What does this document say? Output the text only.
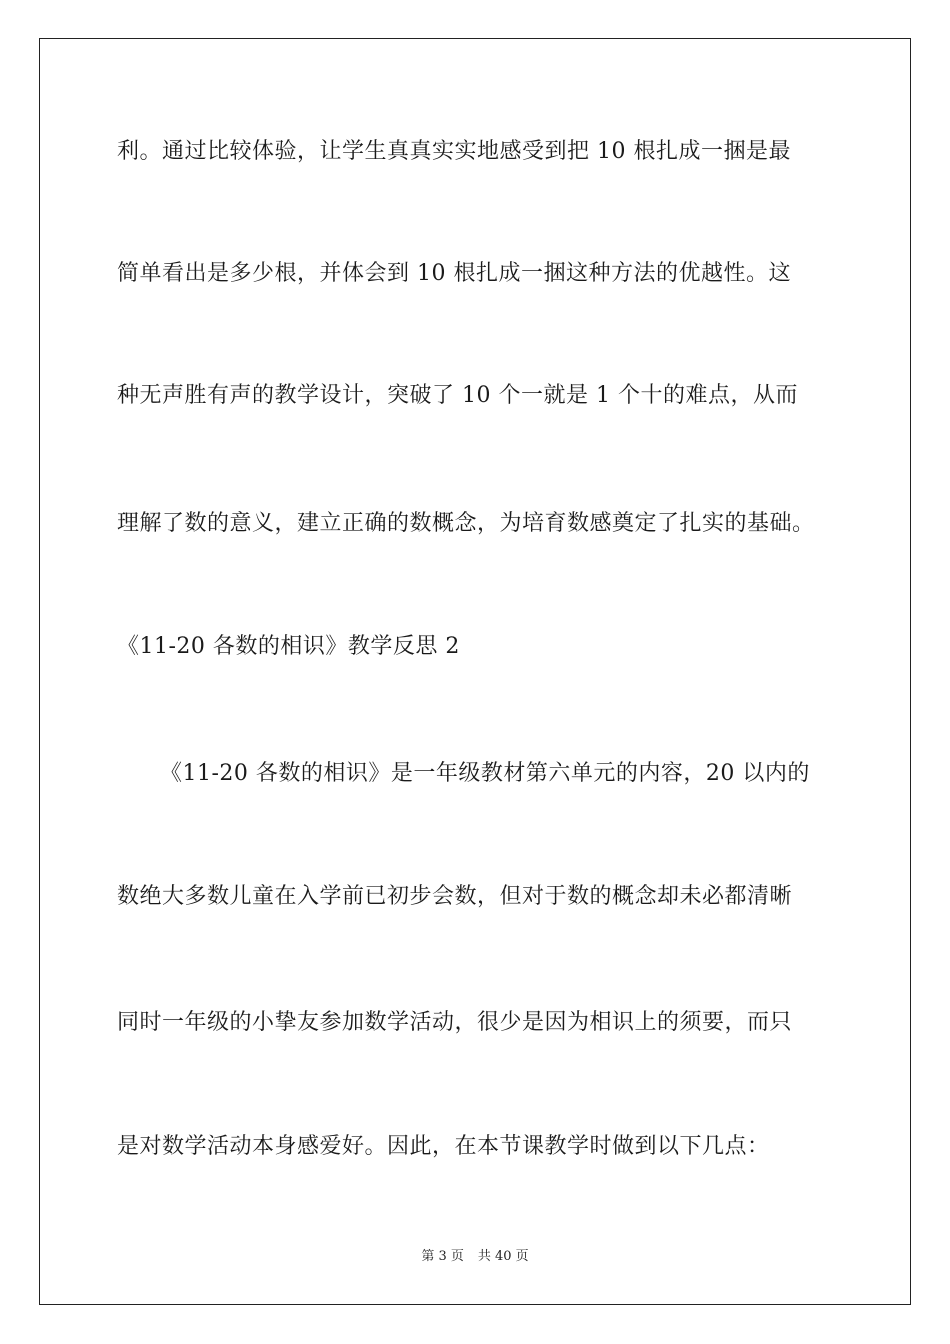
利。通过比较体验，让学生真真实实地感受到把 10 根扎成一捆是最
简单看出是多少根，并体会到 10 根扎成一捆这种方法的优越性。这
种无声胜有声的教学设计，突破了 10 个一就是 1 个十的难点，从而
理解了数的意义，建立正确的数概念，为培育数感奠定了扎实的基础。
《11-20 各数的相识》教学反思 2
《11-20 各数的相识》是一年级教材第六单元的内容，20 以内的
数绝大多数儿童在入学前已初步会数，但对于数的概念却未必都清晰
同时一年级的小挚友参加数学活动，很少是因为相识上的须要，而只
是对数学活动本身感爱好。因此，在本节课教学时做到以下几点：
第 3 页 共 40 页
